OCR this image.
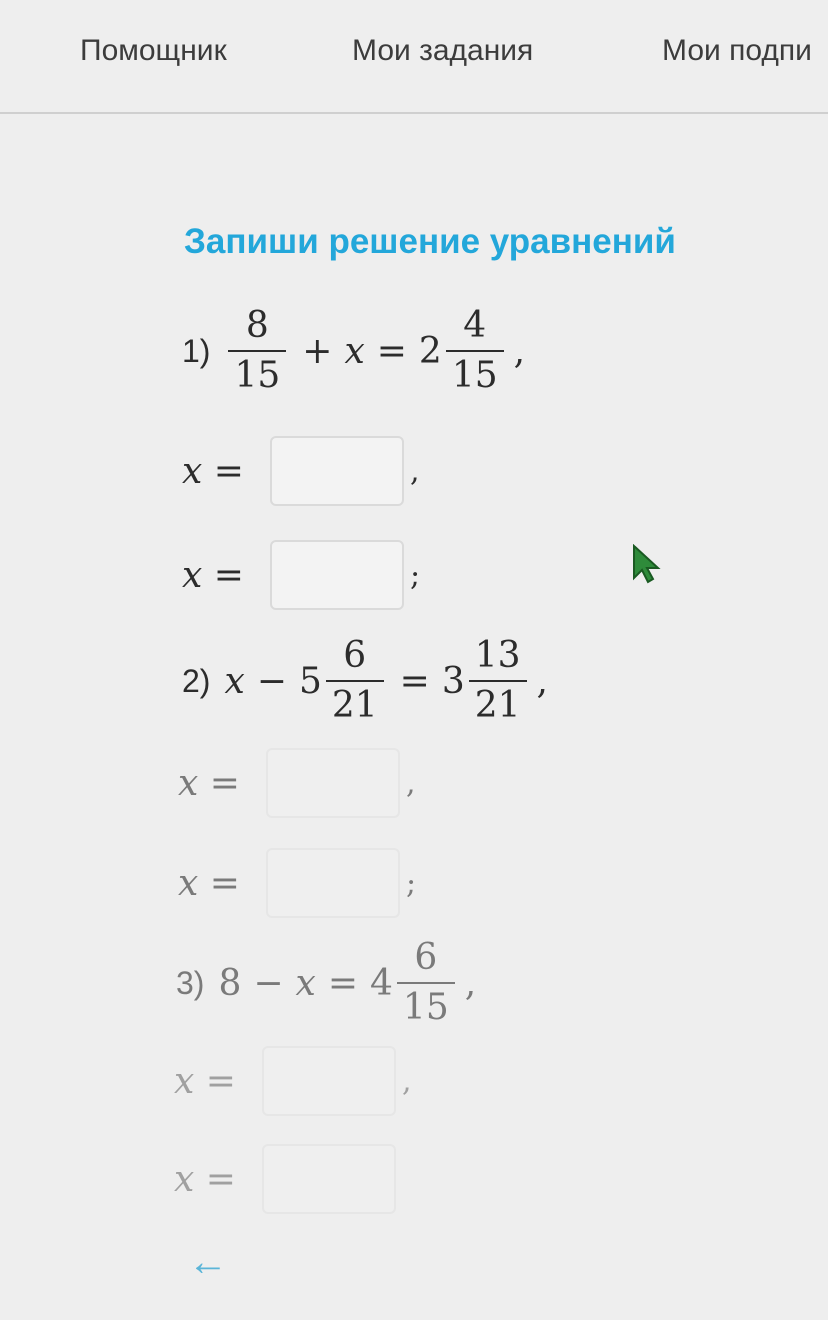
Помощник	Мои задания	Мои подпи
Запиши решение уравнений
$1) \frac{8}{15} + x = 2 \frac{4}{15}$ ,
x =	,
x =	;
2) $x - 5 \frac{6}{21} = 3 \frac{13}{21}$ ,
x =	,
x =	;
3) $8 - x = 4 \frac{6}{15}$ ,
x =	,
x =
←
